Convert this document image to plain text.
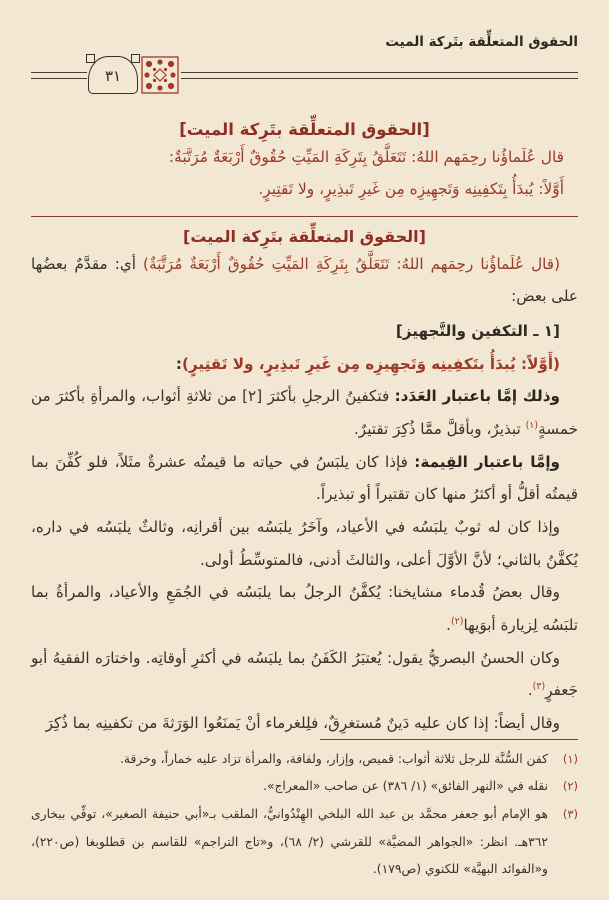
الحقوق المتعلِّقة بتَركة الميت
٣١
[الحقوق المتعلِّقة بتَرِكة الميت]

قال عُلَماؤُنا رحِمَهم اللهُ: تَتَعَلَّقُ بِتَرِكَةِ المَيِّتِ حُقُوقٌ أَرْبَعَةٌ مُرَتَّبَةٌ:

أَوَّلاً: يُبدَأُ بِتَكفِينِه وَتَجهِيزِه مِن غَيرِ تَبذِيرٍ، ولا تَقتِيرٍ.

[الحقوق المتعلِّقة بتَرِكة الميت]

(قال عُلَماؤُنا رحِمَهم اللهُ: تَتَعَلَّقُ بِتَرِكَةِ المَيِّتِ حُقُوقٌ أَرْبَعَةٌ مُرَتَّبَةٌ) أي: مقدَّمٌ بعضُها على بعض:

[١ ـ التكفين والتَّجهيز]

(أَوَّلاً: يُبدَأُ بتَكفِينِه وَتَجهِيزِه مِن غَيرِ تَبذِيرٍ، ولا تَقتِيرٍ):

وذلك إمَّا باعتبار العَدَد: فتكفينُ الرجلِ بأكثرَ [٢] من ثلاثةِ أثواب، والمرأةِ بأكثرَ من خمسةٍ$^{(١)}$ تبذيرٌ، وبأقلَّ ممَّا ذُكِرَ تقتيرٌ.

وإمَّا باعتبار القِيمة: فإذا كان يلبَسُ في حياته ما قيمتُه عشرةٌ مثَلاً، فلو كُفِّنَ بما قيمتُه أقلُّ أو أكثرُ منها كان تقتيراً أو تبذيراً.

وإذا كان له ثوبٌ يلبَسُه في الأعياد، وآخَرُ يلبَسُه بين أقرانِه، وثالثٌ يلبَسُه في داره، يُكفَّنُ بالثاني؛ لأنَّ الأوَّلَ أعلى، والثالثَ أدنى، فالمتوسِّطُ أولى.

وقال بعضُ قُدماء مشايخنا: يُكفَّنُ الرجلُ بما يلبَسُه في الجُمَعِ والأعياد، والمرأةُ بما تلبَسُه لِزيارة أبوَيها$^{(٢)}$.

وكان الحسنُ البصريُّ يقول: يُعتبَرُ الكَفَنُ بما يلبَسُه في أكثرِ أوقاتِه. واختارَه الفقيهُ أبو جَعفرٍ$^{(٣)}$.

وقال أيضاً: إذا كان عليه دَينٌ مُستغرِقٌ، فلِلغرماء أنْ يَمنَعُوا الوَرَثةَ من تكفينِه بما ذُكِرَ

(١)
كفن السُّنَّة للرجل ثلاثة أثواب: قميص، وإزار، ولفافة، والمرأة تزاد عليه خماراً، وخرقة.
(٢)
نقله في «النهر الفائق» (١/ ٣٨٦) عن صاحب «المعراج».
(٣)
هو الإمام أبو جعفر محمَّد بن عبد الله البلخي الهِنْدُوانيُّ، الملقب بـ«أبي حنيفة الصغير»، توفِّي ببخارى ٣٦٢هـ. انظر: «الجواهر المضيَّة» للقرشي (٢/ ٦٨)، و«تاج التراجم» للقاسم بن قطلوبغا (ص٢٢٠)، و«الفوائد البهيَّة» للكنوي (ص١٧٩).
